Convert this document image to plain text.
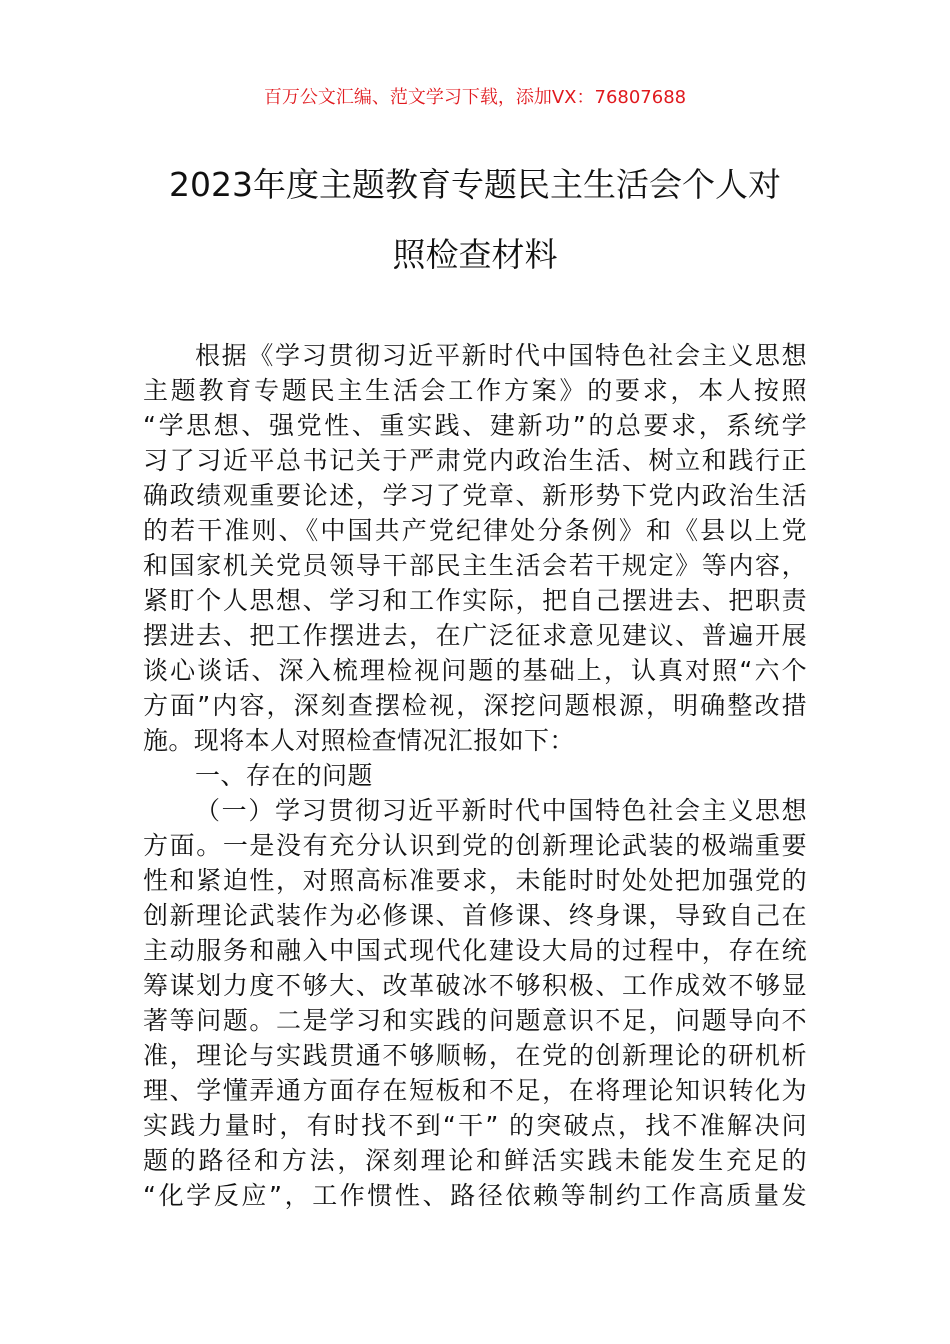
百万公文汇编、范文学习下载，添加VX：76807688
2023年度主题教育专题民主生活会个人对
照检查材料
根据《学习贯彻习近平新时代中国特色社会主义思想
主题教育专题民主生活会工作方案》的要求，本人按照
“学思想、强党性、重实践、建新功”的总要求，系统学
习了习近平总书记关于严肃党内政治生活、树立和践行正
确政绩观重要论述，学习了党章、新形势下党内政治生活
的若干准则、《中国共产党纪律处分条例》和《县以上党
和国家机关党员领导干部民主生活会若干规定》等内容，
紧盯个人思想、学习和工作实际，把自己摆进去、把职责
摆进去、把工作摆进去，在广泛征求意见建议、普遍开展
谈心谈话、深入梳理检视问题的基础上，认真对照“六个
方面”内容，深刻查摆检视，深挖问题根源，明确整改措
施。现将本人对照检查情况汇报如下：
一、存在的问题
（一）学习贯彻习近平新时代中国特色社会主义思想
方面。一是没有充分认识到党的创新理论武装的极端重要
性和紧迫性，对照高标准要求，未能时时处处把加强党的
创新理论武装作为必修课、首修课、终身课，导致自己在
主动服务和融入中国式现代化建设大局的过程中，存在统
筹谋划力度不够大、改革破冰不够积极、工作成效不够显
著等问题。二是学习和实践的问题意识不足，问题导向不
准，理论与实践贯通不够顺畅，在党的创新理论的研机析
理、学懂弄通方面存在短板和不足，在将理论知识转化为
实践力量时，有时找不到“干” 的突破点，找不准解决问
题的路径和方法，深刻理论和鲜活实践未能发生充足的
“化学反应”，工作惯性、路径依赖等制约工作高质量发
